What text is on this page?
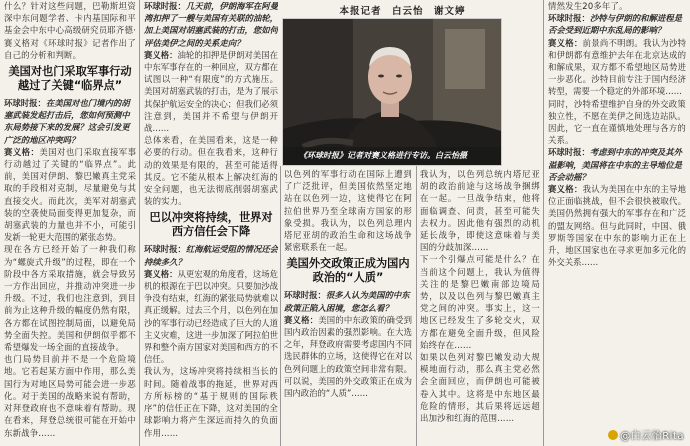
什么？针对这些问题，巴勒斯坦资深中东问题学者、卡内基国际和平基金会中东中心高级研究员耶齐德·赛义格对《环球时报》记者作出了自己的分析和判断。

美国对也门采取军事行动越过了关键“临界点”

环球时报：在美国对也门境内的胡塞武装发起打击后，您如何预测中东局势接下来的发展？这会引发更广泛的地区冲突吗？

赛义格：美国对也门采取直接军事行动越过了关键的“临界点”。此前，美国对伊朗、黎巴嫩真主党采取的手段相对克制，尽量避免与其直接交火。而此次，美军对胡塞武装的空袭使局面变得更加复杂，而胡塞武装的力量也并不小，可能引发新一轮更大范围的紧张态势。

现在各方已经开始了一种我们称为“螺旋式升级”的过程，即在一个阶段中各方采取措施，就会导致另一方作出回应，并推动冲突进一步升级。不过，我们也注意到，到目前为止这种升级的幅度仍然有限，各方都在试图控制局面，以避免局势全面失控。美国和伊朗似乎都不希望爆发一场全面的直接战争。

也门局势目前并不是一个危险境地。它若起某方面中作用，那么美国行为对地区局势可能会进一步恶化。对于美国的战略来说有帮助，对拜登政府也不意味着有帮助。现在看来，拜登总统很可能在开始中东新战争……

环球时报：几天前，伊朗海军在阿曼湾扣押了一艘与美国有关联的油轮，加上美国对胡塞武装的打击，您如何评估美伊之间的关系走向？

赛义格：油轮的扣押是伊朗对美国在中东军事存在的一种回应，双方都在试图以一种“有限度”的方式施压。美国对胡塞武装的打击，是为了展示其保护航运安全的决心；但我们必须注意到，美国并不希望与伊朗开战……

总体来看，在美国看来，这是一种必要的行动。但在我看来，这种行动的效果是有限的，甚至可能适得其反。它不能从根本上解决红海的安全问题，也无法彻底削弱胡塞武装的实力。

巴以冲突将持续，世界对西方信任会下降

环球时报：红海航运受阻的情况还会持续多久？

赛义格：从更宏观的角度看，这场危机的根源在于巴以冲突。只要加沙战争没有结束，红海的紧张局势就难以真正缓解。过去三个月，以色列在加沙的军事行动已经造成了巨大的人道主义灾难，这进一步加深了阿拉伯世界和整个南方国家对美国和西方的不信任。

我认为，这场冲突将持续相当长的时间。随着战事的拖延，世界对西方所标榜的“基于规则的国际秩序”的信任正在下降，这对美国的全球影响力将产生深远而持久的负面作用……

本报记者　白云怡　谢文婷
《环球时报》记者对赛义格进行专访。白云怡摄

以色列的军事行动在国际上遭到了广泛批评，但美国依然坚定地站在以色列一边，这使得它在阿拉伯世界乃至全球南方国家的形象受损。我认为，以色列总理内塔尼亚胡的政治生命和这场战争紧密联系在一起。

美国外交政策正成为国内政治的“人质”

环球时报：很多人认为美国的中东政策正陷入困境，您怎么看？

赛义格：美国的中东政策的确受到国内政治因素的强烈影响。在大选之年，拜登政府需要考虑国内不同选民群体的立场，这使得它在对以色列问题上的政策空间非常有限。可以说，美国的外交政策正在成为国内政治的“人质”……

我认为，以色列总统内塔尼亚胡的政治前途与这场战争捆绑在一起。一旦战争结束，他将面临调查、问责，甚至可能失去权力。因此他有强烈的动机延长战争，即使这意味着与美国的分歧加深……

下一个引爆点可能是什么？在当前这个问题上，我认为值得关注的是黎巴嫩南部边境局势，以及以色列与黎巴嫩真主党之间的冲突。事实上，这一地区已经发生了多轮交火，双方都在避免全面升级，但风险始终存在……

如果以色列对黎巴嫩发动大规模地面行动，那么真主党必然会全面回应，而伊朗也可能被卷入其中。这将是中东地区最危险的情形，其后果将远远超出加沙和红海的范围……

情然发生20多年了。

环球时报：沙特与伊朗的和解进程是否会受到近期中东乱局的影响？

赛义格：前景尚不明朗。我认为沙特和伊朗都有意维护去年在北京达成的和解成果，双方都不希望地区局势进一步恶化。沙特目前专注于国内经济转型，需要一个稳定的外部环境……

同时，沙特希望维护自身的外交政策独立性，不愿在美伊之间选边站队。因此，它一直在谨慎地处理与各方的关系。

环球时报：考虑到中东的冲突及其外溢影响，美国将在中东的主导地位是否会动摇？

赛义格：我认为美国在中东的主导地位正面临挑战，但不会很快被取代。美国仍然拥有强大的军事存在和广泛的盟友网络。但与此同时，中国、俄罗斯等国家在中东的影响力正在上升，地区国家也在寻求更加多元化的外交关系……

@白云怡Rita
